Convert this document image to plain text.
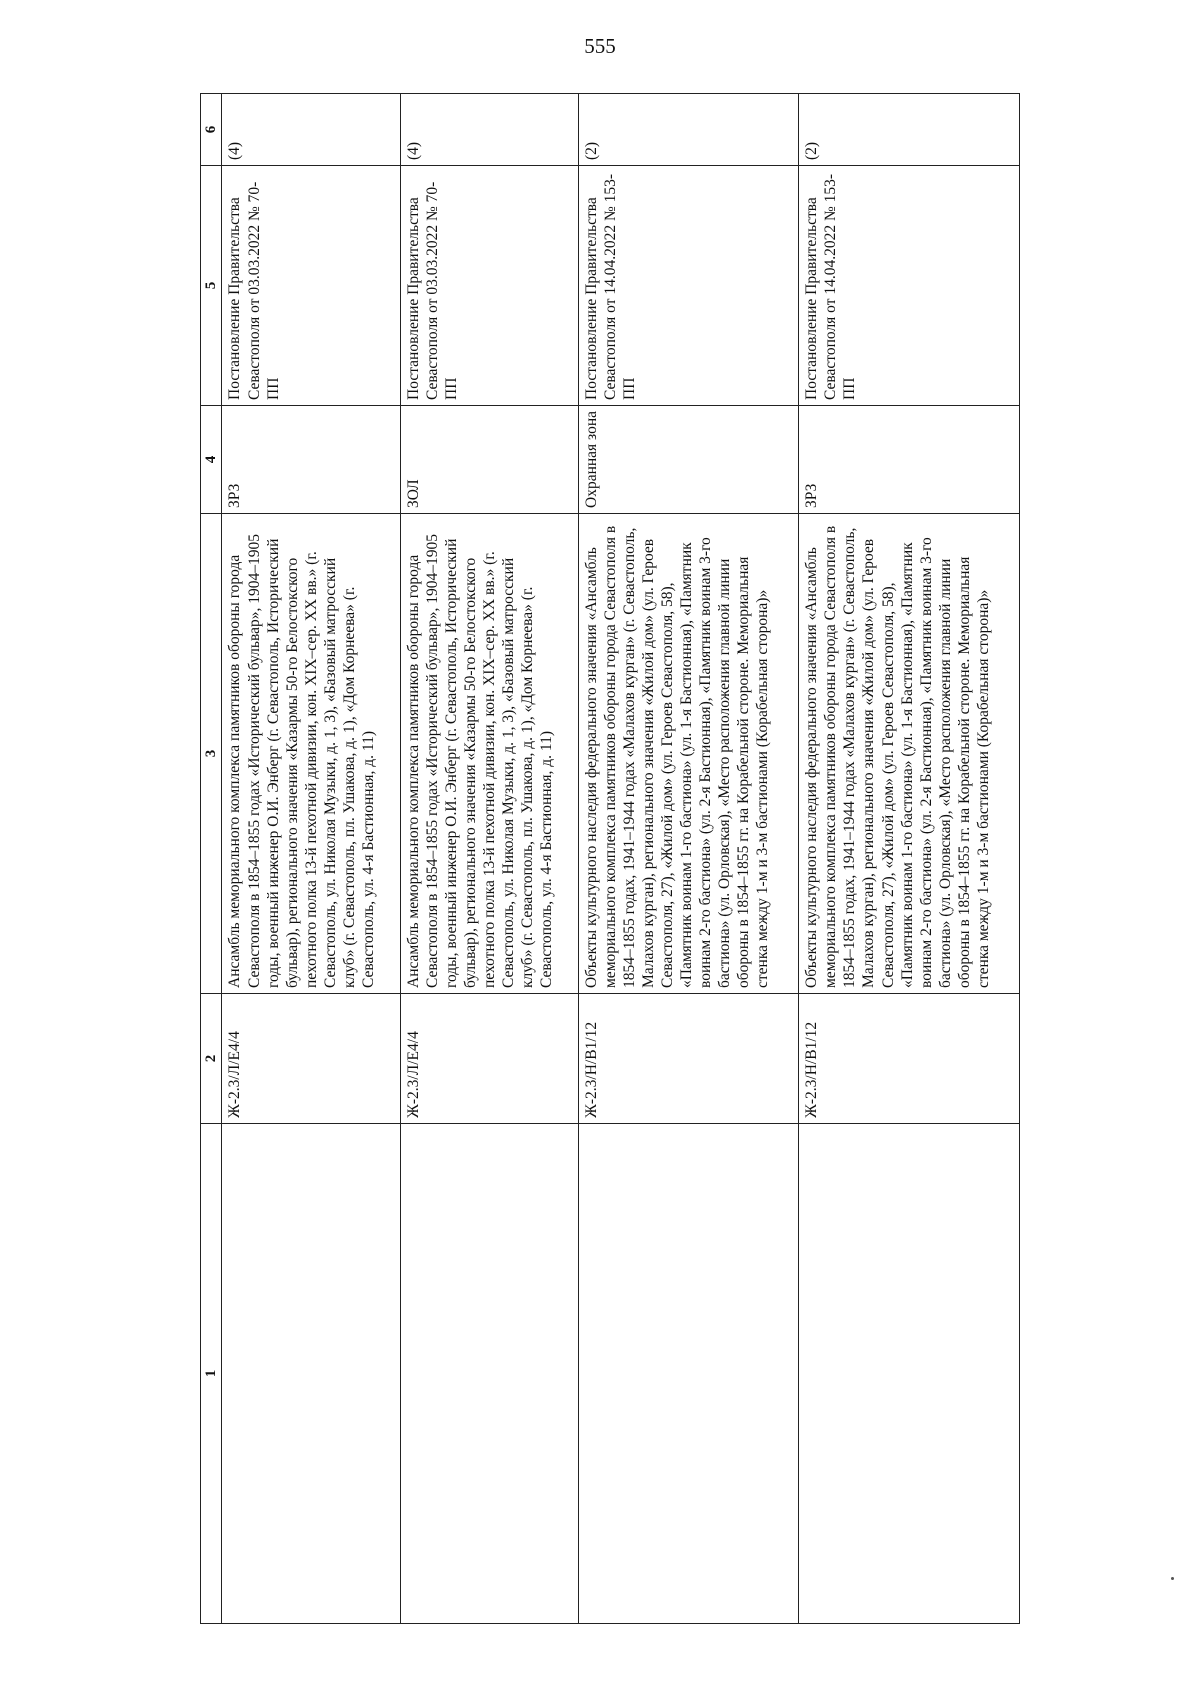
555
1	2	3	4	5	6
	Ж-2.3/Л/Е4/4	Ансамбль мемориального комплекса памятников обороны города Севастополя в 1854–1855 годах «Исторический бульвар», 1904–1905 годы, военный инженер О.И. Энберг (г. Севастополь, Исторический бульвар), регионального значения «Казармы 50-го Белостокского пехотного полка 13-й пехотной дивизии, кон. XIX–сер. XX вв.» (г. Севастополь, ул. Николая Музыки, д. 1, 3), «Базовый матросский клуб» (г. Севастополь, пл. Ушакова, д. 1), «Дом Корнеева» (г. Севастополь, ул. 4-я Бастионная, д. 11)	ЗРЗ	Постановление Правительства Севастополя от 03.03.2022 № 70-ПП	(4)
	Ж-2.3/Л/Е4/4	Ансамбль мемориального комплекса памятников обороны города Севастополя в 1854–1855 годах «Исторический бульвар», 1904–1905 годы, военный инженер О.И. Энберг (г. Севастополь, Исторический бульвар), регионального значения «Казармы 50-го Белостокского пехотного полка 13-й пехотной дивизии, кон. XIX–сер. XX вв.» (г. Севастополь, ул. Николая Музыки, д. 1, 3), «Базовый матросский клуб» (г. Севастополь, пл. Ушакова, д. 1), «Дом Корнеева» (г. Севастополь, ул. 4-я Бастионная, д. 11)	ЗОЛ	Постановление Правительства Севастополя от 03.03.2022 № 70-ПП	(4)
	Ж-2.3/Н/В1/12	Объекты культурного наследия федерального значения «Ансамбль мемориального комплекса памятников обороны города Севастополя в 1854–1855 годах, 1941–1944 годах «Малахов курган» (г. Севастополь, Малахов курган), регионального значения «Жилой дом» (ул. Героев Севастополя, 27), «Жилой дом» (ул. Героев Севастополя, 58), «Памятник воинам 1-го бастиона» (ул. 1-я Бастионная), «Памятник воинам 2-го бастиона» (ул. 2-я Бастионная), «Памятник воинам 3-го бастиона» (ул. Орловская), «Место расположения главной линии обороны в 1854–1855 гг. на Корабельной стороне. Мемориальная стенка между 1-м и 3-м бастионами (Корабельная сторона)»	Охранная зона	Постановление Правительства Севастополя от 14.04.2022 № 153-ПП	(2)
	Ж-2.3/Н/В1/12	Объекты культурного наследия федерального значения «Ансамбль мемориального комплекса памятников обороны города Севастополя в 1854–1855 годах, 1941–1944 годах «Малахов курган» (г. Севастополь, Малахов курган), регионального значения «Жилой дом» (ул. Героев Севастополя, 27), «Жилой дом» (ул. Героев Севастополя, 58), «Памятник воинам 1-го бастиона» (ул. 1-я Бастионная), «Памятник воинам 2-го бастиона» (ул. 2-я Бастионная), «Памятник воинам 3-го бастиона» (ул. Орловская), «Место расположения главной линии обороны в 1854–1855 гг. на Корабельной стороне. Мемориальная стенка между 1-м и 3-м бастионами (Корабельная сторона)»	ЗРЗ	Постановление Правительства Севастополя от 14.04.2022 № 153-ПП	(2)
